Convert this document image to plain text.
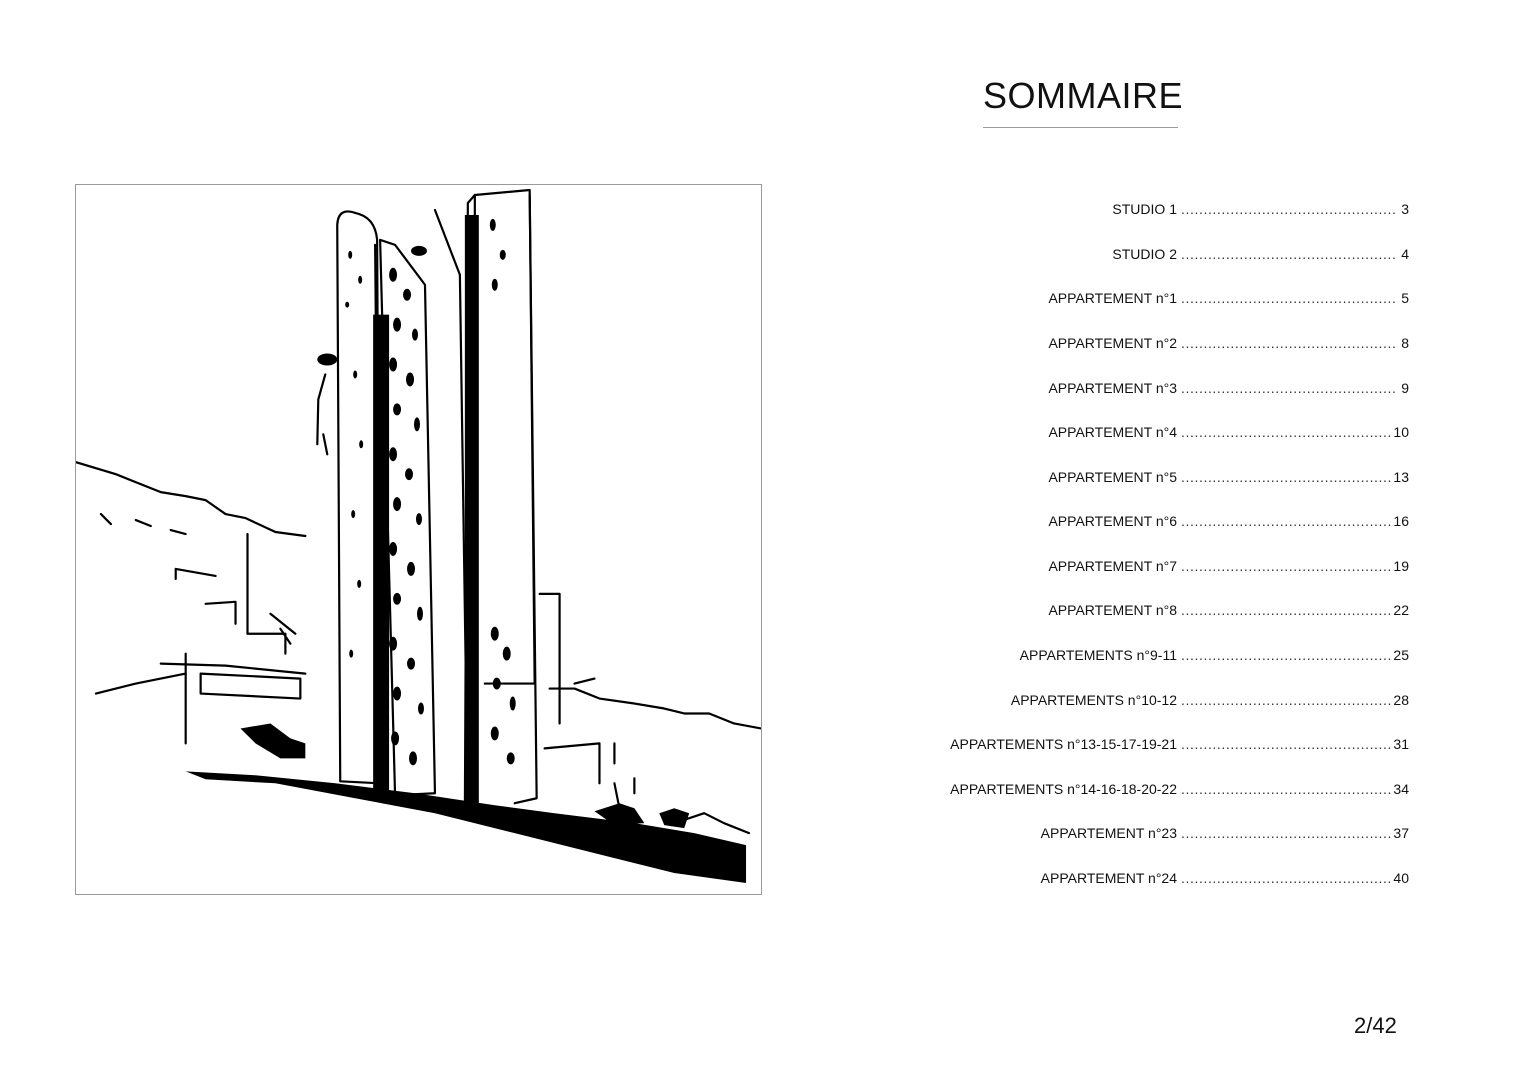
SOMMAIRE
STUDIO 1 .....	3
STUDIO 2 .....	4
APPARTEMENT n°1 .....	5
APPARTEMENT n°2 .....	8
APPARTEMENT n°3 .....	9
APPARTEMENT n°4 .....	10
APPARTEMENT n°5 .....	13
APPARTEMENT n°6 .....	16
APPARTEMENT n°7 .....	19
APPARTEMENT n°8 .....	22
APPARTEMENTS n°9-11 .....	25
APPARTEMENTS n°10-12 .....	28
APPARTEMENTS n°13-15-17-19-21 .....	31
APPARTEMENTS n°14-16-18-20-22 .....	34
APPARTEMENT n°23 .....	37
APPARTEMENT n°24 .....	40
2/42
